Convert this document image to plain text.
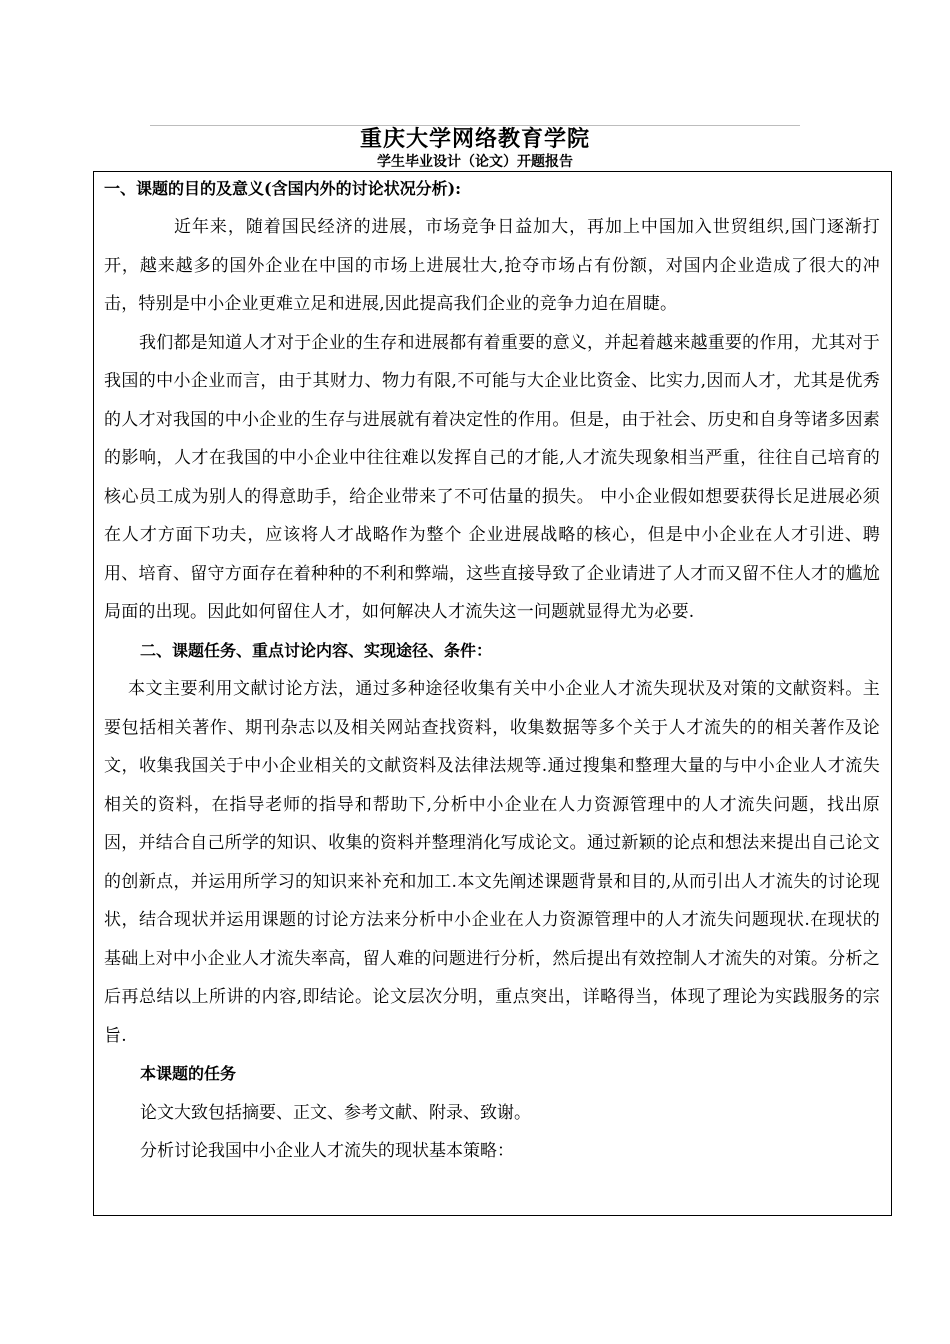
重庆大学网络教育学院
学生毕业设计（论文）开题报告

一、课题的目的及意义(含国内外的讨论状况分析):

近年来，随着国民经济的进展，市场竞争日益加大，再加上中国加入世贸组织,国门逐渐打开，越来越多的国外企业在中国的市场上进展壮大,抢夺市场占有份额，对国内企业造成了很大的冲击，特别是中小企业更难立足和进展,因此提高我们企业的竞争力迫在眉睫。

我们都是知道人才对于企业的生存和进展都有着重要的意义，并起着越来越重要的作用，尤其对于我国的中小企业而言，由于其财力、物力有限,不可能与大企业比资金、比实力,因而人才，尤其是优秀的人才对我国的中小企业的生存与进展就有着决定性的作用。但是，由于社会、历史和自身等诸多因素的影响，人才在我国的中小企业中往往难以发挥自己的才能,人才流失现象相当严重，往往自己培育的核心员工成为别人的得意助手，给企业带来了不可估量的损失。 中小企业假如想要获得长足进展必须在人才方面下功夫，应该将人才战略作为整个 企业进展战略的核心，但是中小企业在人才引进、聘用、培育、留守方面存在着种种的不利和弊端，这些直接导致了企业请进了人才而又留不住人才的尴尬局面的出现。因此如何留住人才，如何解决人才流失这一问题就显得尤为必要.

二、课题任务、重点讨论内容、实现途径、条件：

本文主要利用文献讨论方法，通过多种途径收集有关中小企业人才流失现状及对策的文献资料。主要包括相关著作、期刊杂志以及相关网站查找资料，收集数据等多个关于人才流失的的相关著作及论文，收集我国关于中小企业相关的文献资料及法律法规等.通过搜集和整理大量的与中小企业人才流失相关的资料，在指导老师的指导和帮助下,分析中小企业在人力资源管理中的人才流失问题，找出原因，并结合自己所学的知识、收集的资料并整理消化写成论文。通过新颖的论点和想法来提出自己论文的创新点，并运用所学习的知识来补充和加工.本文先阐述课题背景和目的,从而引出人才流失的讨论现状，结合现状并运用课题的讨论方法来分析中小企业在人力资源管理中的人才流失问题现状.在现状的基础上对中小企业人才流失率高，留人难的问题进行分析，然后提出有效控制人才流失的对策。分析之后再总结以上所讲的内容,即结论。论文层次分明，重点突出，详略得当，体现了理论为实践服务的宗旨.

本课题的任务

论文大致包括摘要、正文、参考文献、附录、致谢。

分析讨论我国中小企业人才流失的现状基本策略：
